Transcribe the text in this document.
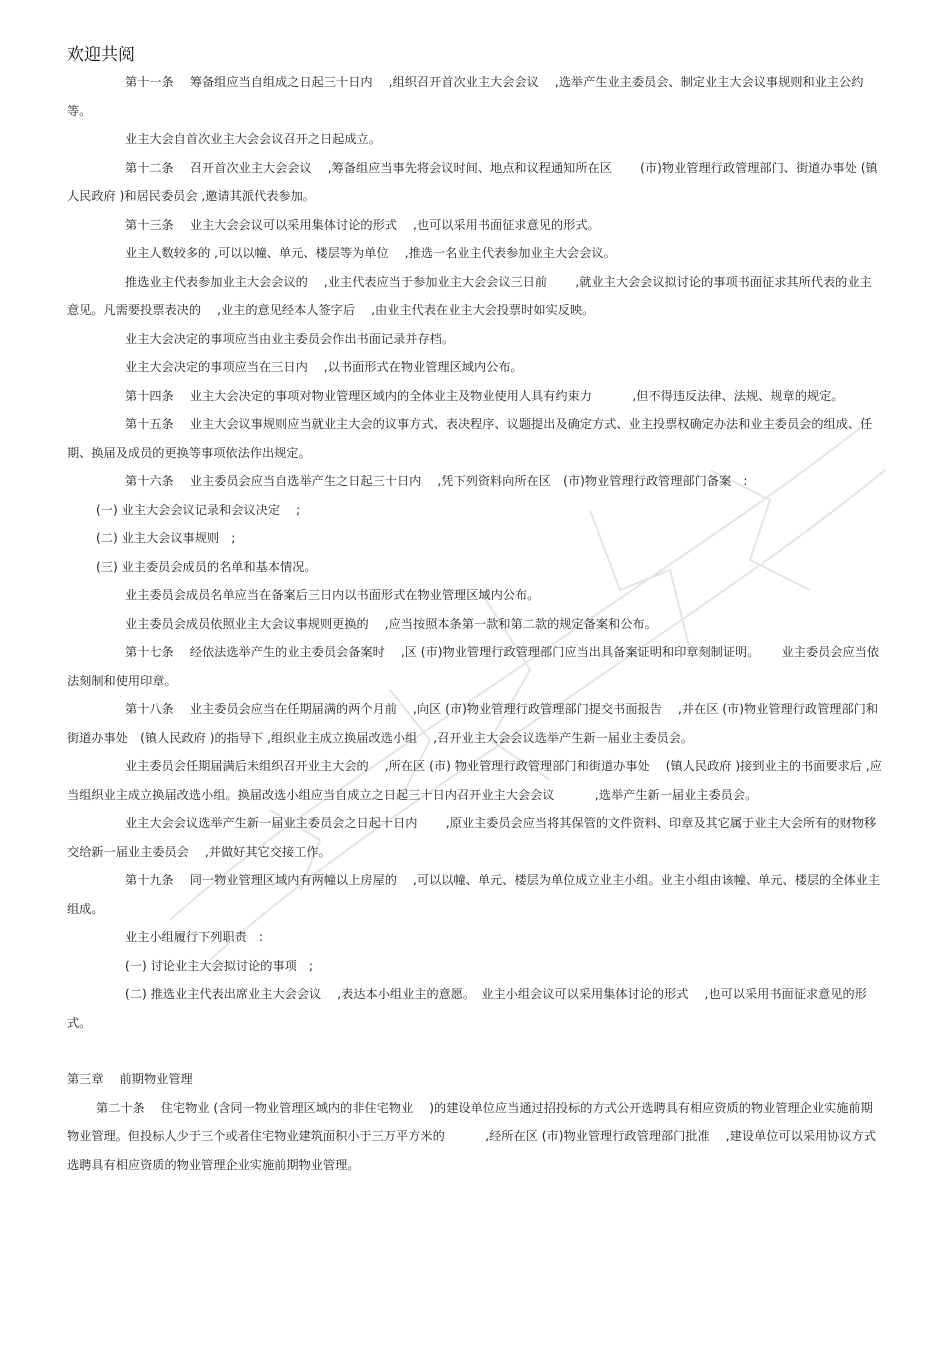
欢迎共阅

第十一条　 筹备组应当自组成之日起三十日内　 ,组织召开首次业主大会会议　 ,选举产生业主委员会、制定业主大会议事规则和业主公约等。

业主大会自首次业主大会会议召开之日起成立。

第十二条　 召开首次业主大会会议　 ,筹备组应当事先将会议时间、地点和议程通知所在区　　 (市)物业管理行政管理部门、街道办事处 (镇人民政府 )和居民委员会 ,邀请其派代表参加。

第十三条　 业主大会会议可以采用集体讨论的形式　 ,也可以采用书面征求意见的形式。

业主人数较多的 ,可以以幢、单元、楼层等为单位　 ,推选一名业主代表参加业主大会会议。

推选业主代表参加业主大会会议的　 ,业主代表应当于参加业主大会会议三日前　　 ,就业主大会会议拟讨论的事项书面征求其所代表的业主意见。凡需要投票表决的　 ,业主的意见经本人签字后　 ,由业主代表在业主大会投票时如实反映。

业主大会决定的事项应当由业主委员会作出书面记录并存档。

业主大会决定的事项应当在三日内　 ,以书面形式在物业管理区域内公布。

第十四条　 业主大会决定的事项对物业管理区域内的全体业主及物业使用人具有约束力　　　 ,但不得违反法律、法规、规章的规定。

第十五条　 业主大会议事规则应当就业主大会的议事方式、表决程序、议题提出及确定方式、业主投票权确定办法和业主委员会的组成、任期、换届及成员的更换等事项依法作出规定。

第十六条　 业主委员会应当自选举产生之日起三十日内　 ,凭下列资料向所在区　(市)物业管理行政管理部门备案　:

(一) 业主大会会议记录和会议决定　 ;

(二) 业主大会议事规则　;

(三) 业主委员会成员的名单和基本情况。

业主委员会成员名单应当在备案后三日内以书面形式在物业管理区域内公布。

业主委员会成员依照业主大会议事规则更换的　 ,应当按照本条第一款和第二款的规定备案和公布。

第十七条　 经依法选举产生的业主委员会备案时　 ,区 (市)物业管理行政管理部门应当出具备案证明和印章刻制证明。　　 业主委员会应当依法刻制和使用印章。

第十八条　 业主委员会应当在任期届满的两个月前　 ,向区 (市)物业管理行政管理部门提交书面报告　 ,并在区 (市)物业管理行政管理部门和街道办事处　(镇人民政府 )的指导下 ,组织业主成立换届改选小组　 ,召开业主大会会议选举产生新一届业主委员会。

业主委员会任期届满后未组织召开业主大会的　 ,所在区 (市) 物业管理行政管理部门和街道办事处　 (镇人民政府 )接到业主的书面要求后 ,应当组织业主成立换届改选小组。换届改选小组应当自成立之日起三十日内召开业主大会会议　　　 ,选举产生新一届业主委员会。

业主大会会议选举产生新一届业主委员会之日起十日内　　 ,原业主委员会应当将其保管的文件资料、印章及其它属于业主大会所有的财物移交给新一届业主委员会　 ,并做好其它交接工作。

第十九条　 同一物业管理区域内有两幢以上房屋的　 ,可以以幢、单元、楼层为单位成立业主小组。业主小组由该幢、单元、楼层的全体业主组成。

业主小组履行下列职责　:

(一) 讨论业主大会拟讨论的事项　;

(二) 推选业主代表出席业主大会会议　 ,表达本小组业主的意愿。　业主小组会议可以采用集体讨论的形式　 ,也可以采用书面征求意见的形式。

第三章　 前期物业管理

第二十条　 住宅物业 (含同一物业管理区域内的非住宅物业　 )的建设单位应当通过招投标的方式公开选聘具有相应资质的物业管理企业实施前期物业管理。但投标人少于三个或者住宅物业建筑面积小于三万平方米的　　　 ,经所在区 (市)物业管理行政管理部门批准　 ,建设单位可以采用协议方式选聘具有相应资质的物业管理企业实施前期物业管理。
